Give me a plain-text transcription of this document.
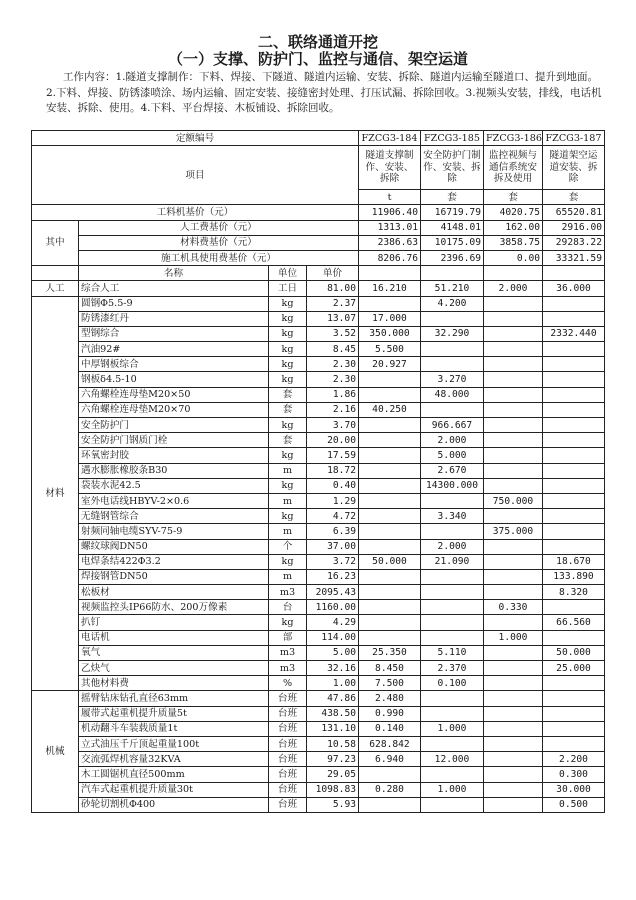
二、联络通道开挖
（一）支撑、防护门、监控与通信、架空运道
工作内容：1.隧道支撑制作：下料、焊接、下隧道、隧道内运输、安装、拆除、隧道内运输至隧道口、提升到地面。2.下料、焊接、防锈漆喷涂、场内运输、固定安装、接缝密封处理、打压试漏、拆除回收。3.视频头安装，排线，电话机安装、拆除、使用。4.下料、平台焊接、木板铺设、拆除回收。
定额编号				FZCG3-184	FZCG3-185	FZCG3-186	FZCG3-187
项目				隧道支撑制作、安装、拆除	安全防护门制作、安装、拆除	监控视频与通信系统安拆及使用	隧道架空运道安装、拆除
				t	套	套	套
工料机基价（元）				11906.40	16719.79	4020.75	65520.81
其中	人工费基价（元）			1313.01	4148.01	162.00	2916.00
	材料费基价（元）			2386.63	10175.09	3858.75	29283.22
	施工机具使用费基价（元）			8206.76	2396.69	0.00	33321.59
	名称	单位	单价				
人工	综合人工	工日	81.00	16.210	51.210	2.000	36.000
材料	圆钢Φ5.5-9	kg	2.37		4.200		
	防锈漆红丹	kg	13.07	17.000			
	型钢综合	kg	3.52	350.000	32.290		2332.440
	汽油92#	kg	8.45	5.500			
	中厚钢板综合	kg	2.30	20.927			
	钢板δ4.5-10	kg	2.30		3.270		
	六角螺栓连母垫M20×50	套	1.86		48.000		
	六角螺栓连母垫M20×70	套	2.16	40.250			
	安全防护门	kg	3.70		966.667		
	安全防护门钢质门栓	套	20.00		2.000		
	环氧密封胶	kg	17.59		5.000		
	遇水膨胀橡胶条B30	m	18.72		2.670		
	袋装水泥42.5	kg	0.40		14300.000		
	室外电话线HBYV-2×0.6	m	1.29			750.000	
	无缝钢管综合	kg	4.72		3.340		
	射频同轴电缆SYV-75-9	m	6.39			375.000	
	螺纹球阀DN50	个	37.00		2.000		
	电焊条结422Φ3.2	kg	3.72	50.000	21.090		18.670
	焊接钢管DN50	m	16.23				133.890
	松板材	m3	2095.43				8.320
	视频监控头IP66防水、200万像素	台	1160.00			0.330	
	扒钉	kg	4.29				66.560
	电话机	部	114.00			1.000	
	氧气	m3	5.00	25.350	5.110		50.000
	乙炔气	m3	32.16	8.450	2.370		25.000
	其他材料费	%	1.00	7.500	0.100		
机械	摇臂钻床钻孔直径63mm	台班	47.86	2.480			
	履带式起重机提升质量5t	台班	438.50	0.990			
	机动翻斗车装载质量1t	台班	131.10	0.140	1.000		
	立式油压千斤顶起重量100t	台班	10.58	628.842			
	交流弧焊机容量32KVA	台班	97.23	6.940	12.000		2.200
	木工圆锯机直径500mm	台班	29.05				0.300
	汽车式起重机提升质量30t	台班	1098.83	0.280	1.000		30.000
	砂轮切割机Φ400	台班	5.93				0.500
